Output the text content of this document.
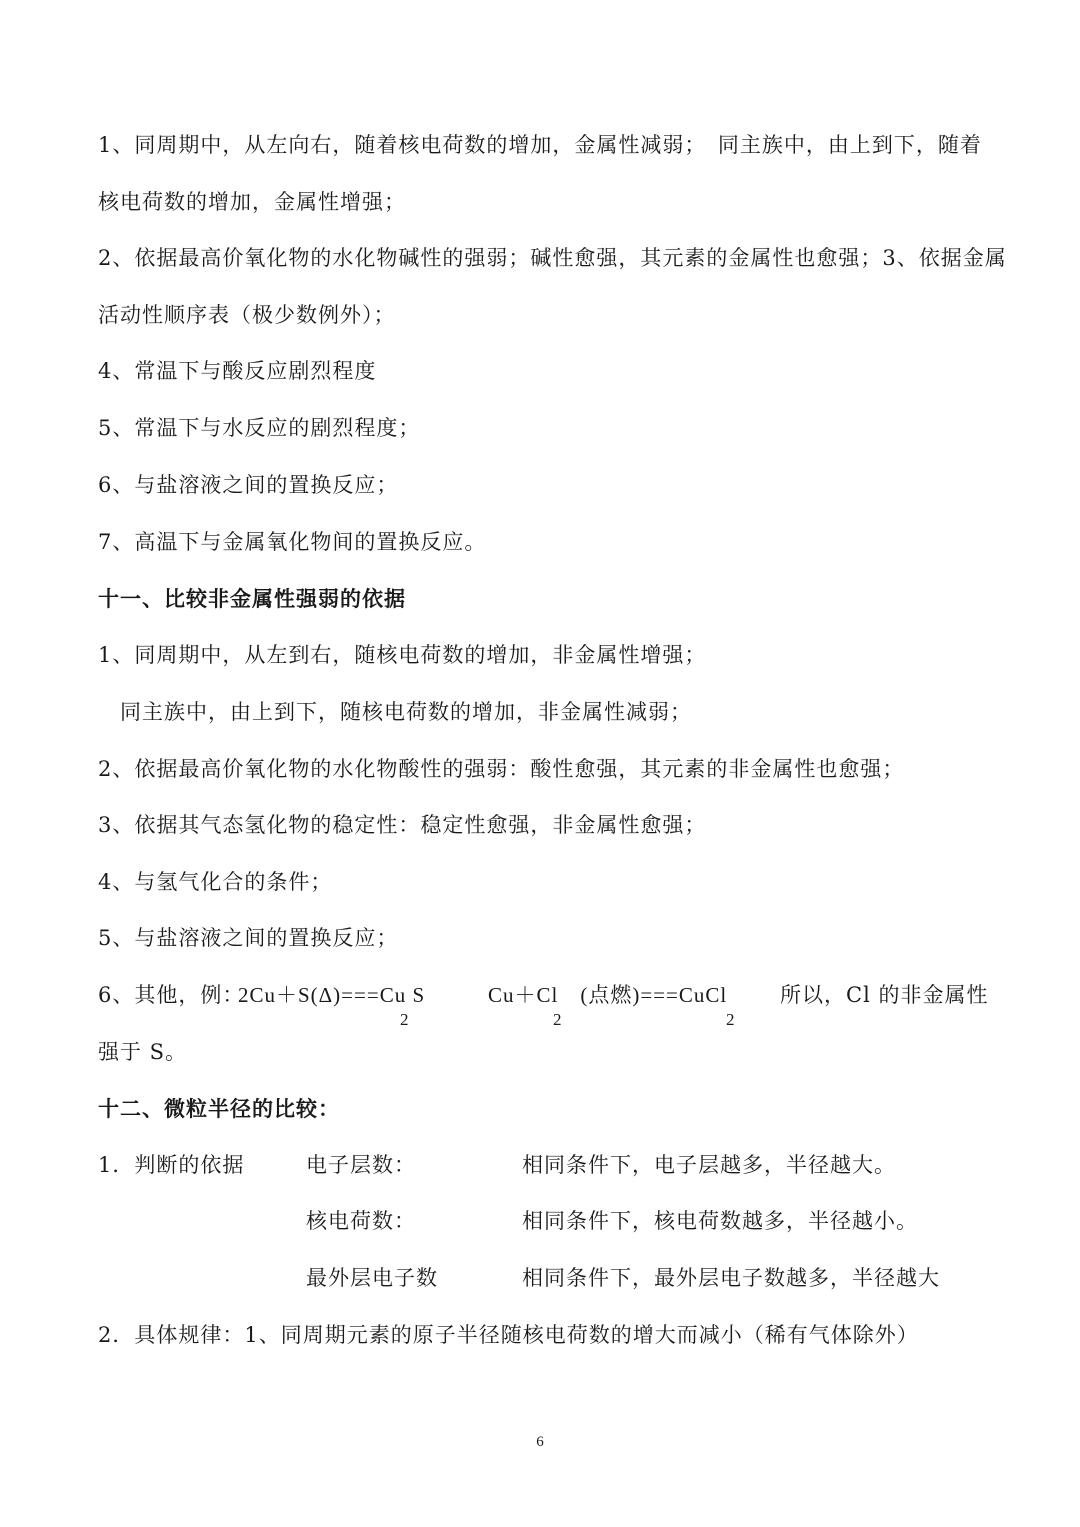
1、同周期中，从左向右，随着核电荷数的增加，金属性减弱；　同主族中，由上到下，随着

核电荷数的增加，金属性增强；

2、依据最高价氧化物的水化物碱性的强弱；碱性愈强，其元素的金属性也愈强；3、依据金属

活动性顺序表（极少数例外）；

4、常温下与酸反应剧烈程度

5、常温下与水反应的剧烈程度；

6、与盐溶液之间的置换反应；

7、高温下与金属氧化物间的置换反应。

十一、比较非金属性强弱的依据

1、同周期中，从左到右，随核电荷数的增加，非金属性增强；

　同主族中，由上到下，随核电荷数的增加，非金属性减弱；

2、依据最高价氧化物的水化物酸性的强弱：酸性愈强，其元素的非金属性也愈强；

3、依据其气态氢化物的稳定性：稳定性愈强，非金属性愈强；

4、与氢气化合的条件；

5、与盐溶液之间的置换反应；

6、其他，例：

2Cu＋S(Δ)===Cu S

2

Cu＋Cl　(点燃)===CuCl

2	2

所以，Cl 的非金属性

强于 S。

十二、微粒半径的比较：

1．判断的依据	电子层数：	相同条件下，电子层越多，半径越大。

核电荷数：	相同条件下，核电荷数越多，半径越小。

最外层电子数	相同条件下，最外层电子数越多，半径越大

2．具体规律：1、同周期元素的原子半径随核电荷数的增大而减小（稀有气体除外）

6
